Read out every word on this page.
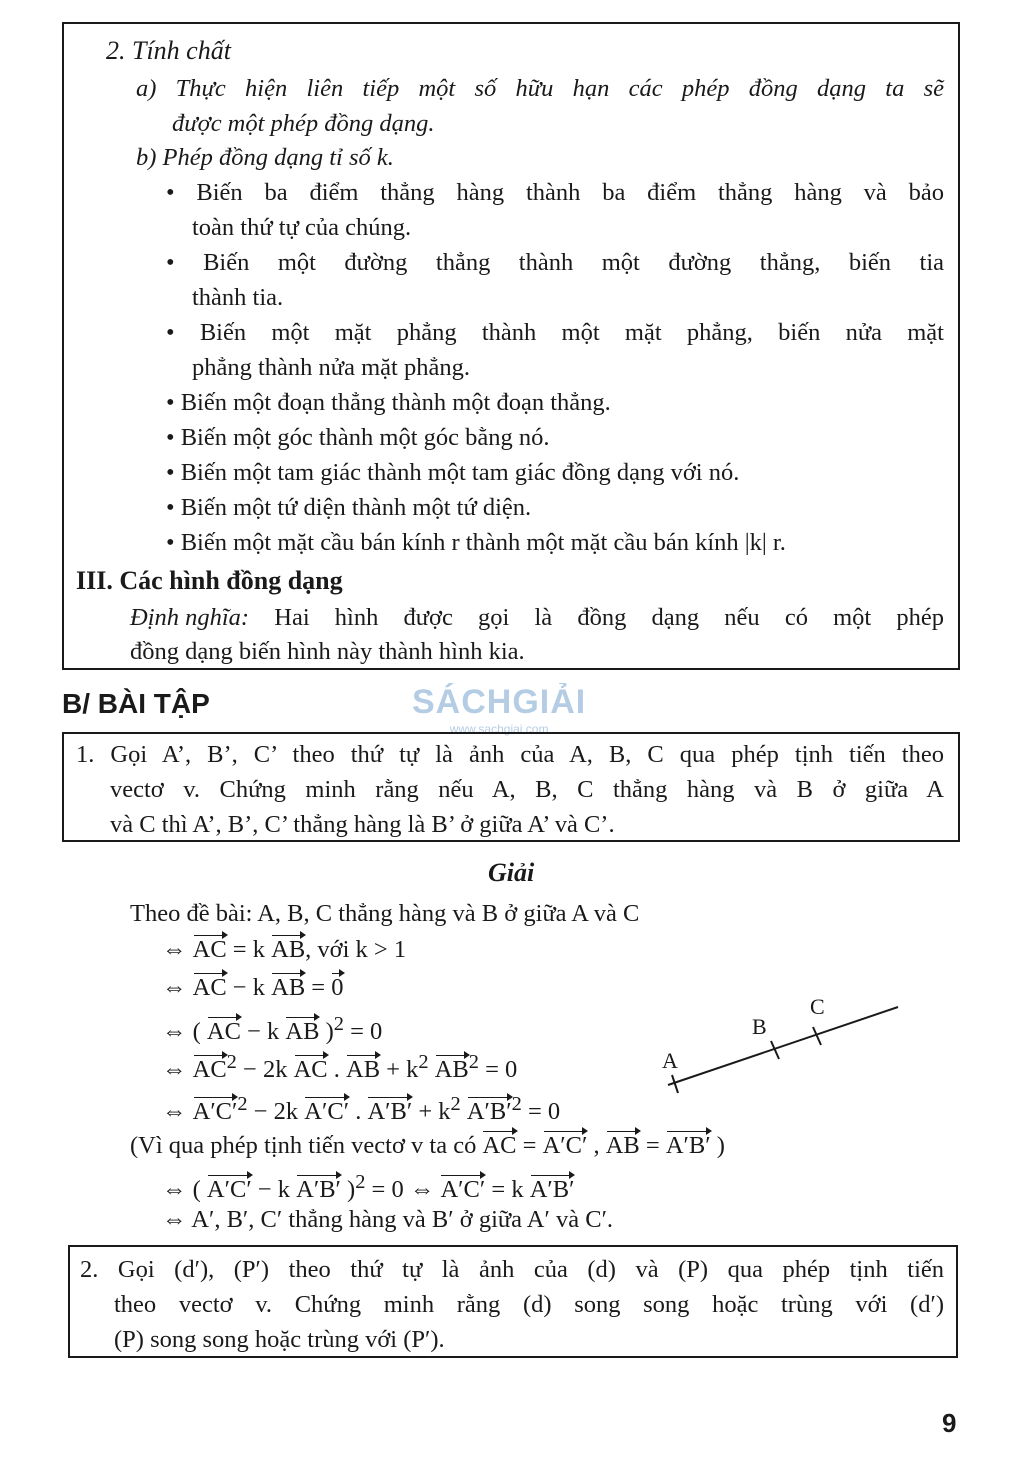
2. Tính chất
a) Thực hiện liên tiếp một số hữu hạn các phép đồng dạng ta sẽ
được một phép đồng dạng.
b) Phép đồng dạng tỉ số k.
• Biến ba điểm thẳng hàng thành ba điểm thẳng hàng và bảo
toàn thứ tự của chúng.
• Biến một đường thẳng thành một đường thẳng, biến tia
thành tia.
• Biến một mặt phẳng thành một mặt phẳng, biến nửa mặt
phẳng thành nửa mặt phẳng.
• Biến một đoạn thẳng thành một đoạn thẳng.
• Biến một góc thành một góc bằng nó.
• Biến một tam giác thành một tam giác đồng dạng với nó.
• Biến một tứ diện thành một tứ diện.
• Biến một mặt cầu bán kính r thành một mặt cầu bán kính |k| r.
III. Các hình đồng dạng
Định nghĩa: Hai hình được gọi là đồng dạng nếu có một phép
đồng dạng biến hình này thành hình kia.
B/ BÀI TẬP	SÁCHGIẢI
www.sachgiai.com
1. Gọi A’, B’, C’ theo thứ tự là ảnh của A, B, C qua phép tịnh tiến theo
vectơ v. Chứng minh rằng nếu A, B, C thẳng hàng và B ở giữa A
và C thì A’, B’, C’ thẳng hàng là B’ ở giữa A’ và C’.
Giải
Theo đề bài: A, B, C thẳng hàng và B ở giữa A và C
⇔ AC = k AB, với k > 1
⇔ AC − k AB = 0
⇔ ( AC − k AB )$^2$ = 0
⇔ $AC^2 - 2k$ AC . AB + $k^2$ $AB^2 = 0$
⇔ $A'C'^2 - 2k$ A′C′ . $A'B' + k^2$ $A'B'^2 = 0$
(Vì qua phép tịnh tiến vectơ v ta có AC = A′C′ , AB = A′B′ )
⇔ ( A′C′ − k A′B′ )$^2$ = 0 ⇔ A′C′ = k A′B′
⇔ A′, B′, C′ thẳng hàng và B′ ở giữa A′ và C′.
A
B
C
2. Gọi (d′), (P′) theo thứ tự là ảnh của (d) và (P) qua phép tịnh tiến
theo vectơ v. Chứng minh rằng (d) song song hoặc trùng với (d′)
(P) song song hoặc trùng với (P′).
9
